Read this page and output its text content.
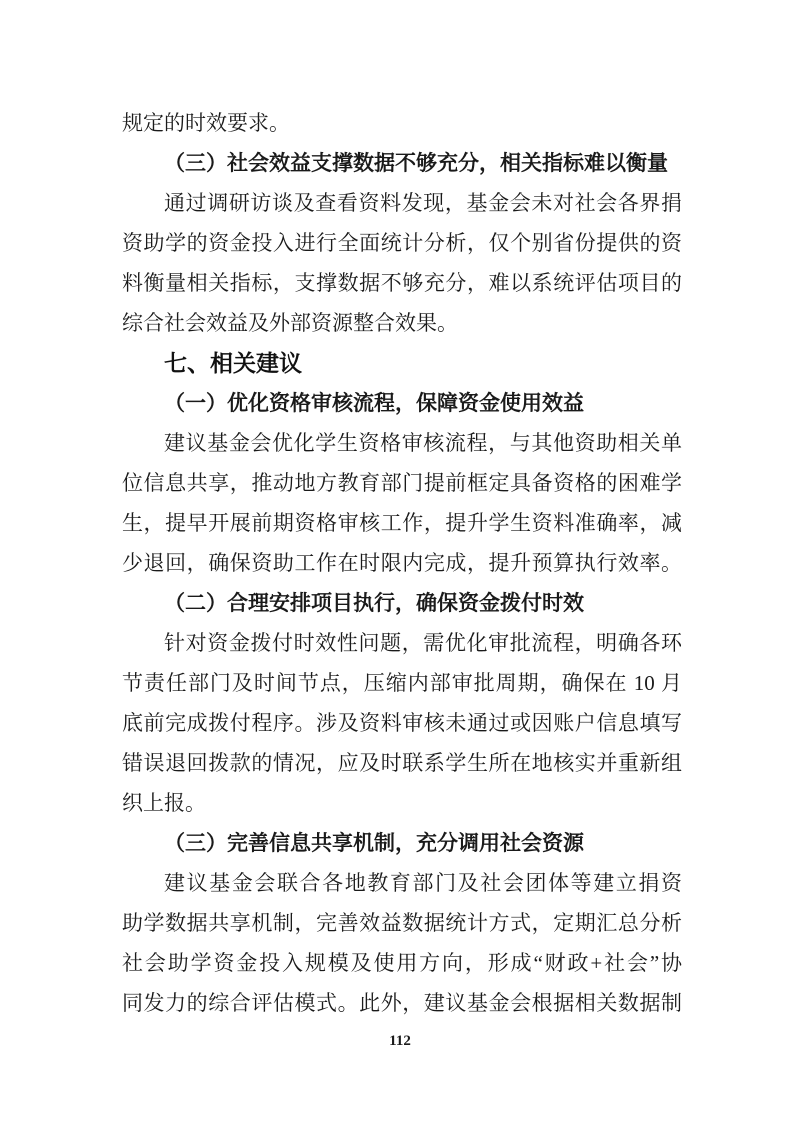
规定的时效要求。
（三）社会效益支撑数据不够充分，相关指标难以衡量
通过调研访谈及查看资料发现，基金会未对社会各界捐
资助学的资金投入进行全面统计分析，仅个别省份提供的资
料衡量相关指标，支撑数据不够充分，难以系统评估项目的
综合社会效益及外部资源整合效果。
七、相关建议
（一）优化资格审核流程，保障资金使用效益
建议基金会优化学生资格审核流程，与其他资助相关单
位信息共享，推动地方教育部门提前框定具备资格的困难学
生，提早开展前期资格审核工作，提升学生资料准确率，减
少退回，确保资助工作在时限内完成，提升预算执行效率。
（二）合理安排项目执行，确保资金拨付时效
针对资金拨付时效性问题，需优化审批流程，明确各环
节责任部门及时间节点，压缩内部审批周期，确保在 10 月
底前完成拨付程序。涉及资料审核未通过或因账户信息填写
错误退回拨款的情况，应及时联系学生所在地核实并重新组
织上报。
（三）完善信息共享机制，充分调用社会资源
建议基金会联合各地教育部门及社会团体等建立捐资
助学数据共享机制，完善效益数据统计方式，定期汇总分析
社会助学资金投入规模及使用方向，形成“财政+社会”协
同发力的综合评估模式。此外，建议基金会根据相关数据制
112
